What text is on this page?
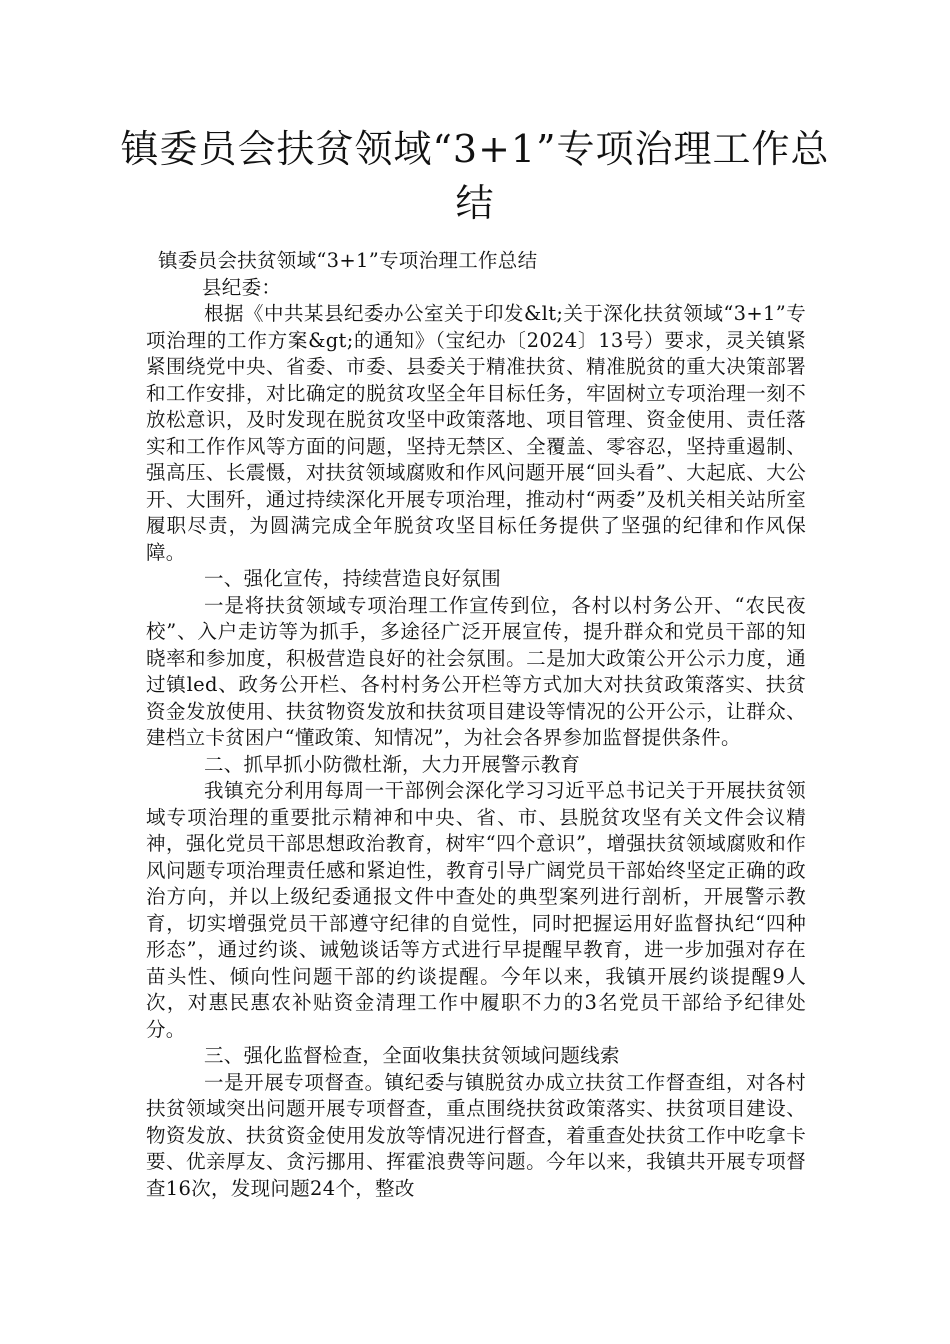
镇委员会扶贫领域“3+1”专项治理工作总结
镇委员会扶贫领域“3+1”专项治理工作总结
县纪委：
根据《中共某县纪委办公室关于印发&lt;关于深化扶贫领域“3+1”专项治理的工作方案&gt;的通知》（宝纪办〔2024〕13号）要求，灵关镇紧紧围绕党中央、省委、市委、县委关于精准扶贫、精准脱贫的重大决策部署和工作安排，对比确定的脱贫攻坚全年目标任务，牢固树立专项治理一刻不放松意识，及时发现在脱贫攻坚中政策落地、项目管理、资金使用、责任落实和工作作风等方面的问题，坚持无禁区、全覆盖、零容忍，坚持重遏制、强高压、长震慑，对扶贫领域腐败和作风问题开展“回头看”、大起底、大公开、大围歼，通过持续深化开展专项治理，推动村“两委”及机关相关站所室履职尽责，为圆满完成全年脱贫攻坚目标任务提供了坚强的纪律和作风保障。
一、强化宣传，持续营造良好氛围
一是将扶贫领域专项治理工作宣传到位，各村以村务公开、“农民夜校”、入户走访等为抓手，多途径广泛开展宣传，提升群众和党员干部的知晓率和参加度，积极营造良好的社会氛围。二是加大政策公开公示力度，通过镇led、政务公开栏、各村村务公开栏等方式加大对扶贫政策落实、扶贫资金发放使用、扶贫物资发放和扶贫项目建设等情况的公开公示，让群众、建档立卡贫困户“懂政策、知情况”，为社会各界参加监督提供条件。
二、抓早抓小防微杜渐，大力开展警示教育
我镇充分利用每周一干部例会深化学习习近平总书记关于开展扶贫领域专项治理的重要批示精神和中央、省、市、县脱贫攻坚有关文件会议精神，强化党员干部思想政治教育，树牢“四个意识”，增强扶贫领域腐败和作风问题专项治理责任感和紧迫性，教育引导广阔党员干部始终坚定正确的政治方向，并以上级纪委通报文件中查处的典型案列进行剖析，开展警示教育，切实增强党员干部遵守纪律的自觉性，同时把握运用好监督执纪“四种形态”，通过约谈、诫勉谈话等方式进行早提醒早教育，进一步加强对存在苗头性、倾向性问题干部的约谈提醒。今年以来，我镇开展约谈提醒9人次，对惠民惠农补贴资金清理工作中履职不力的3名党员干部给予纪律处分。
三、强化监督检查，全面收集扶贫领域问题线索
一是开展专项督查。镇纪委与镇脱贫办成立扶贫工作督查组，对各村扶贫领域突出问题开展专项督查，重点围绕扶贫政策落实、扶贫项目建设、物资发放、扶贫资金使用发放等情况进行督查，着重查处扶贫工作中吃拿卡要、优亲厚友、贪污挪用、挥霍浪费等问题。今年以来，我镇共开展专项督查16次，发现问题24个，整改
